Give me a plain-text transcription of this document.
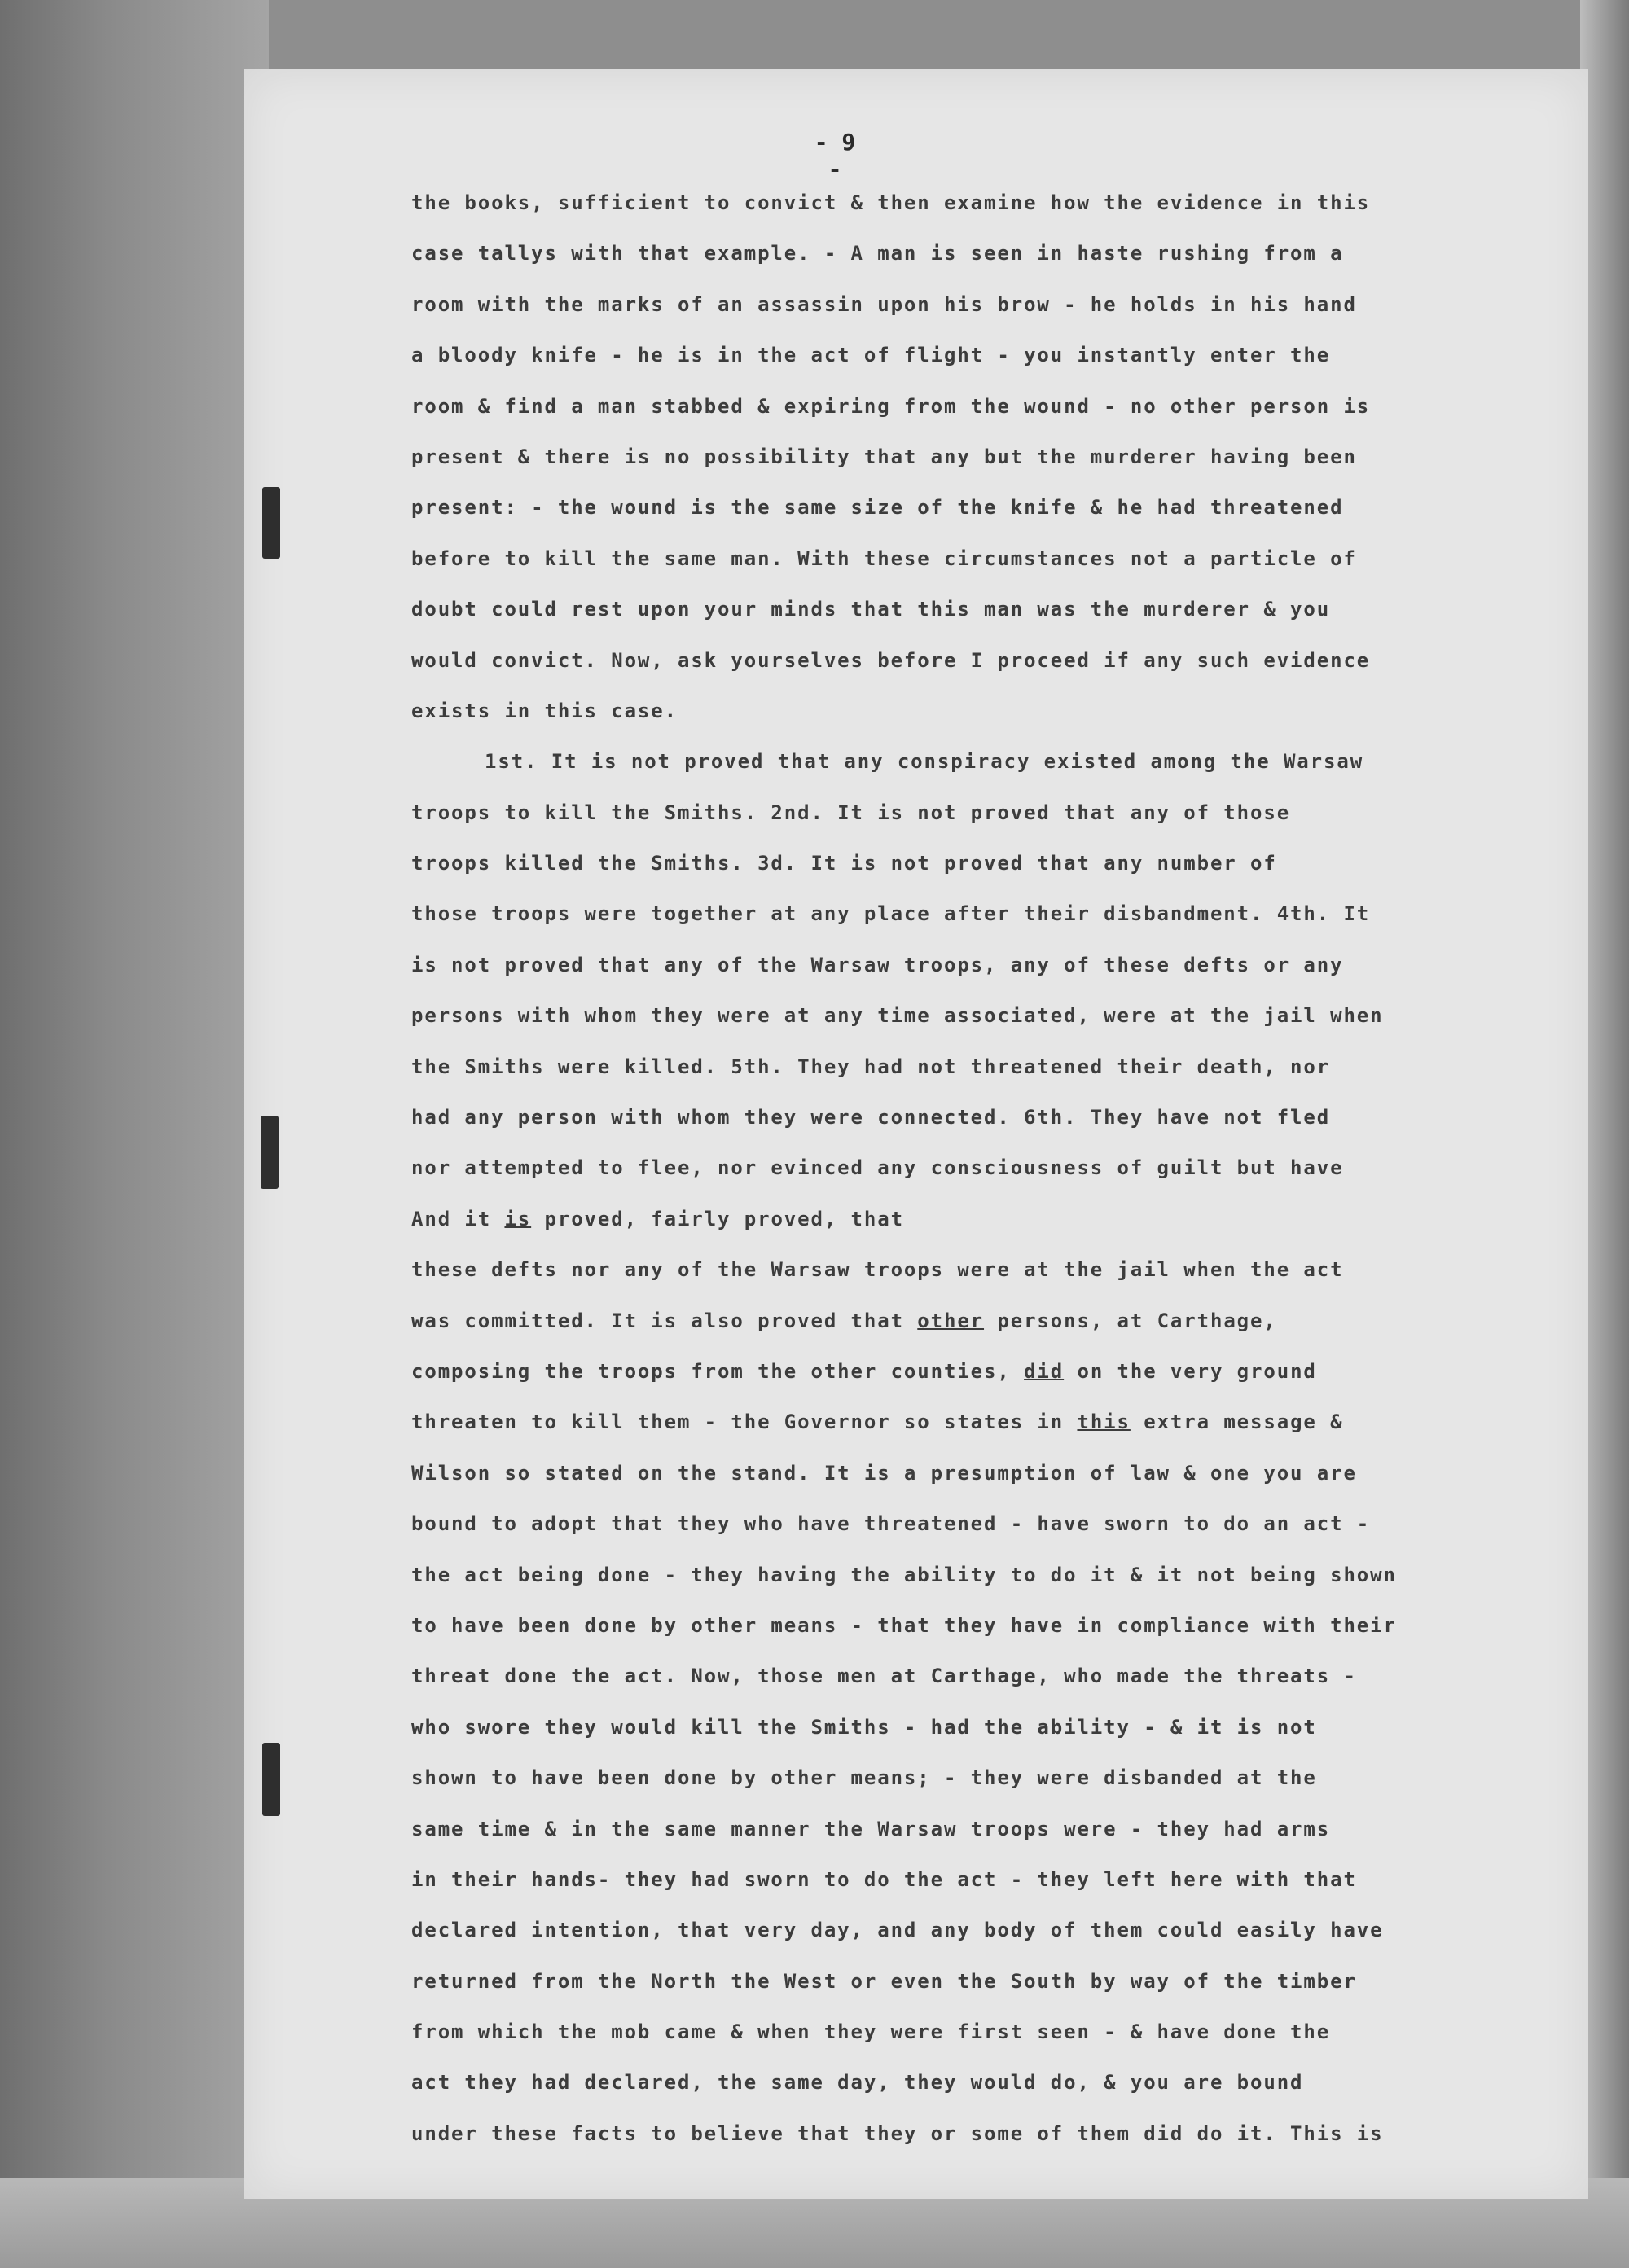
- 9 -
the books, sufficient to convict & then examine how the evidence in this
case tallys with that example. - A man is seen in haste rushing from a
room with the marks of an assassin upon his brow - he holds in his hand
a bloody knife - he is in the act of flight - you instantly enter the
room & find a man stabbed & expiring from the wound - no other person is
present & there is no possibility that any but the murderer having been
present: - the wound is the same size of the knife & he had threatened
before to kill the same man. With these circumstances not a particle of
doubt could rest upon your minds that this man was the murderer & you
would convict. Now, ask yourselves before I proceed if any such evidence
exists in this case.
1st. It is not proved that any conspiracy existed among the Warsaw
troops to kill the Smiths. 2nd. It is not proved that any of those
troops killed the Smiths. 3d. It is not proved that any number of
those troops were together at any place after their disbandment. 4th. It
is not proved that any of the Warsaw troops, any of these defts or any
persons with whom they were at any time associated, were at the jail when
the Smiths were killed. 5th. They had not threatened their death, nor
had any person with whom they were connected. 6th. They have not fled
nor attempted to flee, nor evinced any consciousness of guilt but have
And it is proved, fairly proved, that
these defts nor any of the Warsaw troops were at the jail when the act
was committed. It is also proved that other persons, at Carthage,
composing the troops from the other counties, did on the very ground
threaten to kill them - the Governor so states in this extra message &
Wilson so stated on the stand. It is a presumption of law & one you are
bound to adopt that they who have threatened - have sworn to do an act -
the act being done - they having the ability to do it & it not being shown
to have been done by other means - that they have in compliance with their
threat done the act. Now, those men at Carthage, who made the threats -
who swore they would kill the Smiths - had the ability - & it is not
shown to have been done by other means; - they were disbanded at the
same time & in the same manner the Warsaw troops were - they had arms
in their hands- they had sworn to do the act - they left here with that
declared intention, that very day, and any body of them could easily have
returned from the North the West or even the South by way of the timber
from which the mob came & when they were first seen - & have done the
act they had declared, the same day, they would do, & you are bound
under these facts to believe that they or some of them did do it. This is
